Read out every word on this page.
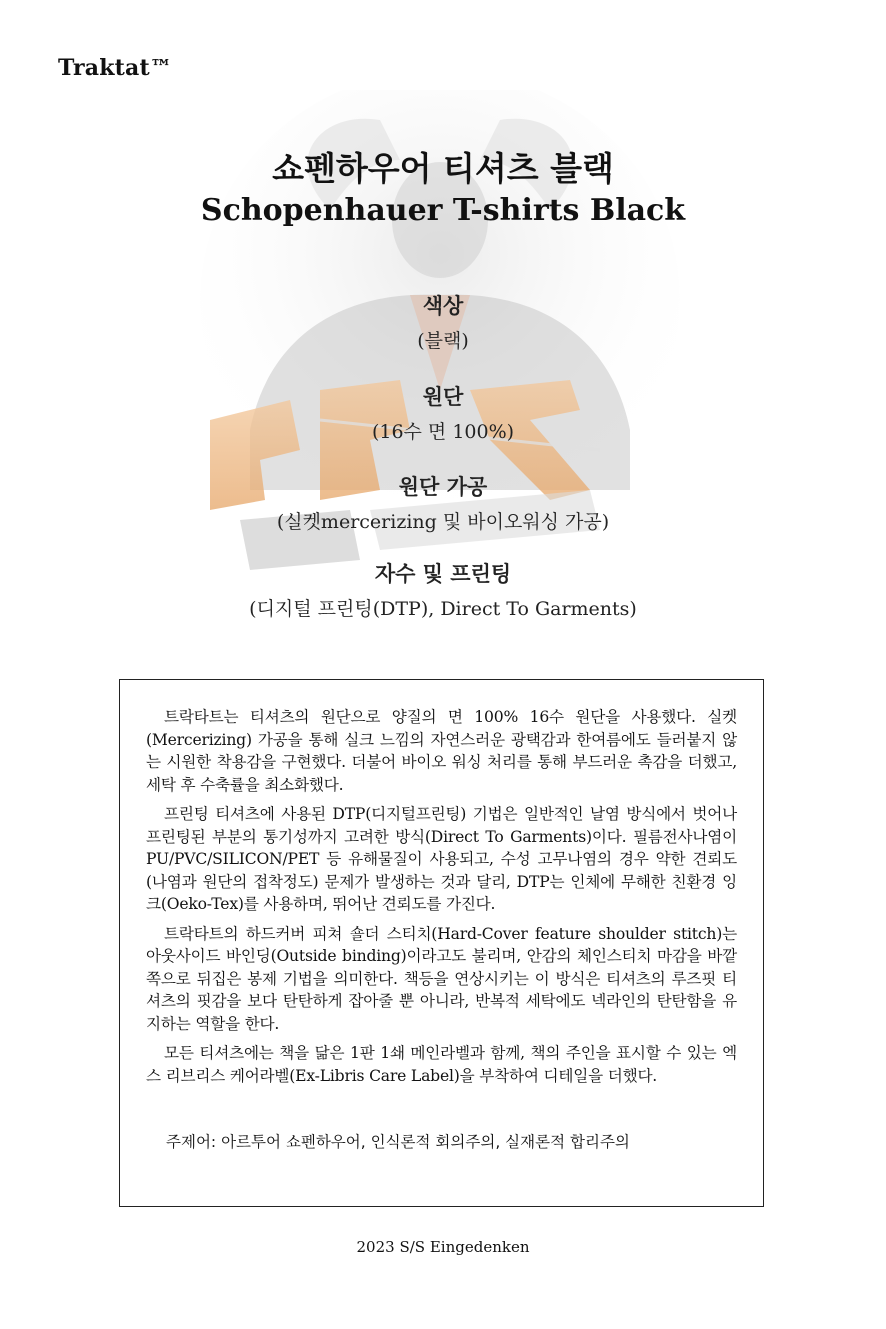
Traktat™
쇼펜하우어 티셔츠 블랙
Schopenhauer T-shirts Black
색상
(블랙)
원단
(16수 면 100%)
원단 가공
(실켓mercerizing 및 바이오워싱 가공)
자수 및 프린팅
(디지털 프린팅(DTP), Direct To Garments)

트락타트는 티셔츠의 원단으로 양질의 면 100% 16수 원단을 사용했다. 실켓(Mercerizing) 가공을 통해 실크 느낌의 자연스러운 광택감과 한여름에도 들러붙지 않는 시원한 착용감을 구현했다. 더불어 바이오 워싱 처리를 통해 부드러운 촉감을 더했고, 세탁 후 수축률을 최소화했다.

프린팅 티셔츠에 사용된 DTP(디지털프린팅) 기법은 일반적인 날염 방식에서 벗어나 프린팅된 부분의 통기성까지 고려한 방식(Direct To Garments)이다. 필름전사나염이 PU/PVC/SILICON/PET 등 유해물질이 사용되고, 수성 고무나염의 경우 약한 견뢰도(나염과 원단의 접착정도) 문제가 발생하는 것과 달리, DTP는 인체에 무해한 친환경 잉크(Oeko-Tex)를 사용하며, 뛰어난 견뢰도를 가진다.

트락타트의 하드커버 피쳐 숄더 스티치(Hard-Cover feature shoulder stitch)는 아웃사이드 바인딩(Outside binding)이라고도 불리며, 안감의 체인스티치 마감을 바깥쪽으로 뒤집은 봉제 기법을 의미한다. 책등을 연상시키는 이 방식은 티셔츠의 루즈핏 티셔츠의 핏감을 보다 탄탄하게 잡아줄 뿐 아니라, 반복적 세탁에도 넥라인의 탄탄함을 유지하는 역할을 한다.

모든 티셔츠에는 책을 닮은 1판 1쇄 메인라벨과 함께, 책의 주인을 표시할 수 있는 엑스 리브리스 케어라벨(Ex-Libris Care Label)을 부착하여 디테일을 더했다.

주제어: 아르투어 쇼펜하우어, 인식론적 회의주의, 실재론적 합리주의
2023 S/S Eingedenken
